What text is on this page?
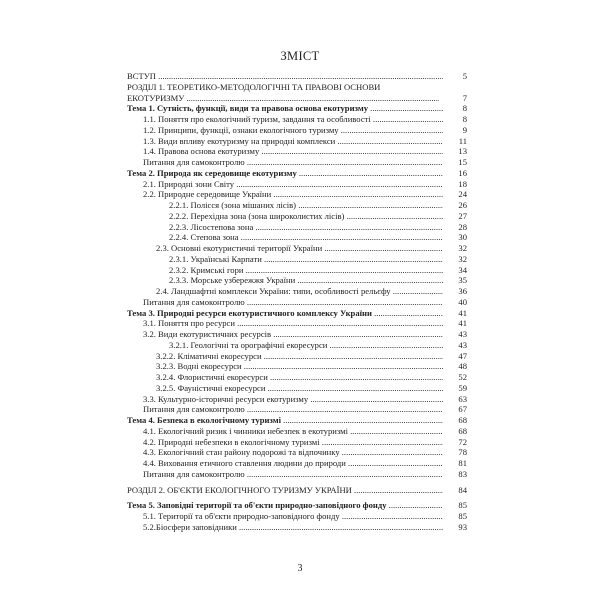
ЗМІСТ
ВСТУП .....	5
РОЗДІЛ 1. ТЕОРЕТИКО-МЕТОДОЛОГІЧНІ ТА ПРАВОВІ ОСНОВИ
ЕКОТУРИЗМУ .....	7
Тема 1. Сутність, функції, види та правова основа екотуризму .....	8
1.1. Поняття про екологічний туризм, завдання та особливості .....	8
1.2. Принципи, функції, ознаки екологічного туризму .....	9
1.3. Види впливу екотуризму на природні комплекси .....	11
1.4. Правова основа екотуризму .....	13
Питання для самоконтролю .....	15
Тема 2. Природа як середовище екотуризму .....	16
2.1. Природні зони Світу .....	18
2.2. Природне середовище України .....	24
2.2.1. Полісся (зона мішаних лісів) .....	26
2.2.2. Перехідна зона (зона широколистих лісів) .....	27
2.2.3. Лісостепова зона .....	28
2.2.4. Степова зона .....	30
2.3. Основні екотуристичні території України .....	32
2.3.1. Українські Карпати .....	32
2.3.2. Кримські гори .....	34
2.3.3. Морське узбережжя України .....	35
2.4. Ландшафтні комплекси України: типи, особливості рельєфу .....	36
Питання для самоконтролю .....	40
Тема 3. Природні ресурси екотуристичного комплексу України .....	41
3.1. Поняття про ресурси .....	41
3.2. Види екотуристичних ресурсів .....	43
3.2.1. Геологічні та орографічні екоресурси .....	43
3.2.2. Кліматичні екоресурси .....	47
3.2.3. Водні екоресурси .....	48
3.2.4. Флористичні екоресурси .....	52
3.2.5. Фауністичні екоресурси .....	59
3.3. Культурно-історичні ресурси екотуризму .....	63
Питання для самоконтролю .....	67
Тема 4. Безпека в екологічному туризмі .....	68
4.1. Екологічний ризик і чинники небезпек в екотуризмі .....	68
4.2. Природні небезпеки в екологічному туризмі .....	72
4.3. Екологічний стан району подорожі та відпочинку .....	78
4.4. Виховання етичного ставлення людини до природи .....	81
Питання для самоконтролю .....	83
РОЗДІЛ 2. ОБ'ЄКТИ ЕКОЛОГІЧНОГО ТУРИЗМУ УКРАЇНИ .....	84
Тема 5. Заповідні території та об'єкти природно-заповідного фонду .....	85
5.1. Території та об'єкти природно-заповідного фонду .....	85
5.2.Біосфери заповідники .....	93
3
